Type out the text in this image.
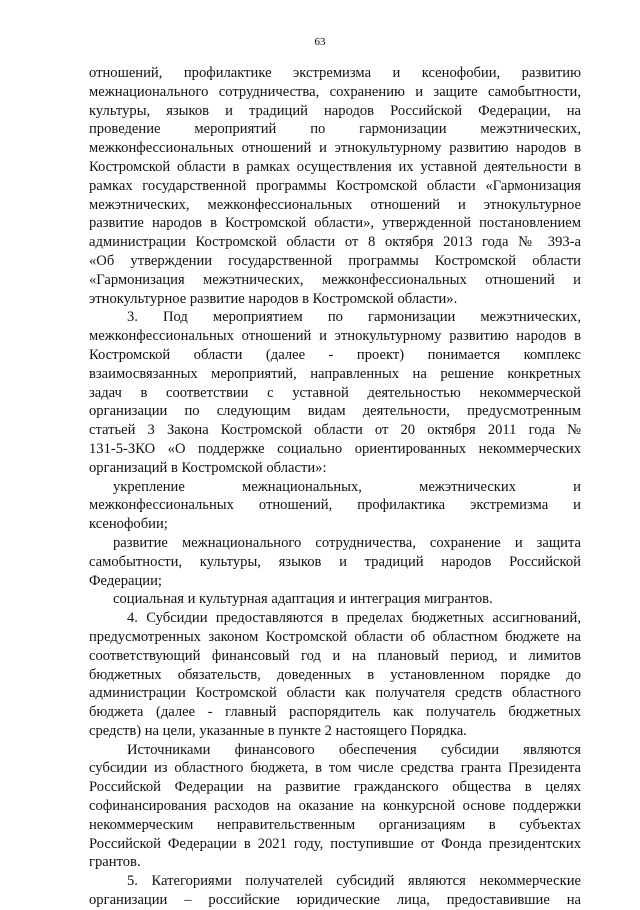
63

отношений, профилактике экстремизма и ксенофобии, развитию
межнационального сотрудничества, сохранению и защите самобытности,
культуры, языков и традиций народов Российской Федерации, на
проведение мероприятий по гармонизации межэтнических,
межконфессиональных отношений и этнокультурному развитию народов в
Костромской области в рамках осуществления их уставной деятельности в
рамках государственной программы Костромской области «Гармонизация
межэтнических, межконфессиональных отношений и этнокультурное
развитие народов в Костромской области», утвержденной постановлением
администрации Костромской области от 8 октября 2013 года № 393-а
«Об утверждении государственной программы Костромской области
«Гармонизация межэтнических, межконфессиональных отношений и
этнокультурное развитие народов в Костромской области».

3. Под мероприятием по гармонизации межэтнических,
межконфессиональных отношений и этнокультурному развитию народов в
Костромской области (далее - проект) понимается комплекс
взаимосвязанных мероприятий, направленных на решение конкретных
задач в соответствии с уставной деятельностью некоммерческой
организации по следующим видам деятельности, предусмотренным
статьей 3 Закона Костромской области от 20 октября 2011 года №
131-5-ЗКО «О поддержке социально ориентированных некоммерческих
организаций в Костромской области»:

укрепление межнациональных, межэтнических и
межконфессиональных отношений, профилактика экстремизма и
ксенофобии;

развитие межнационального сотрудничества, сохранение и защита
самобытности, культуры, языков и традиций народов Российской
Федерации;

социальная и культурная адаптация и интеграция мигрантов.

4. Субсидии предоставляются в пределах бюджетных ассигнований,
предусмотренных законом Костромской области об областном бюджете на
соответствующий финансовый год и на плановый период, и лимитов
бюджетных обязательств, доведенных в установленном порядке до
администрации Костромской области как получателя средств областного
бюджета (далее - главный распорядитель как получатель бюджетных
средств) на цели, указанные в пункте 2 настоящего Порядка.

Источниками финансового обеспечения субсидии являются
субсидии из областного бюджета, в том числе средства гранта Президента
Российской Федерации на развитие гражданского общества в целях
софинансирования расходов на оказание на конкурсной основе поддержки
некоммерческим неправительственным организациям в субъектах
Российской Федерации в 2021 году, поступившие от Фонда президентских
грантов.

5. Категориями получателей субсидий являются некоммерческие
организации – российские юридические лица, предоставившие на
